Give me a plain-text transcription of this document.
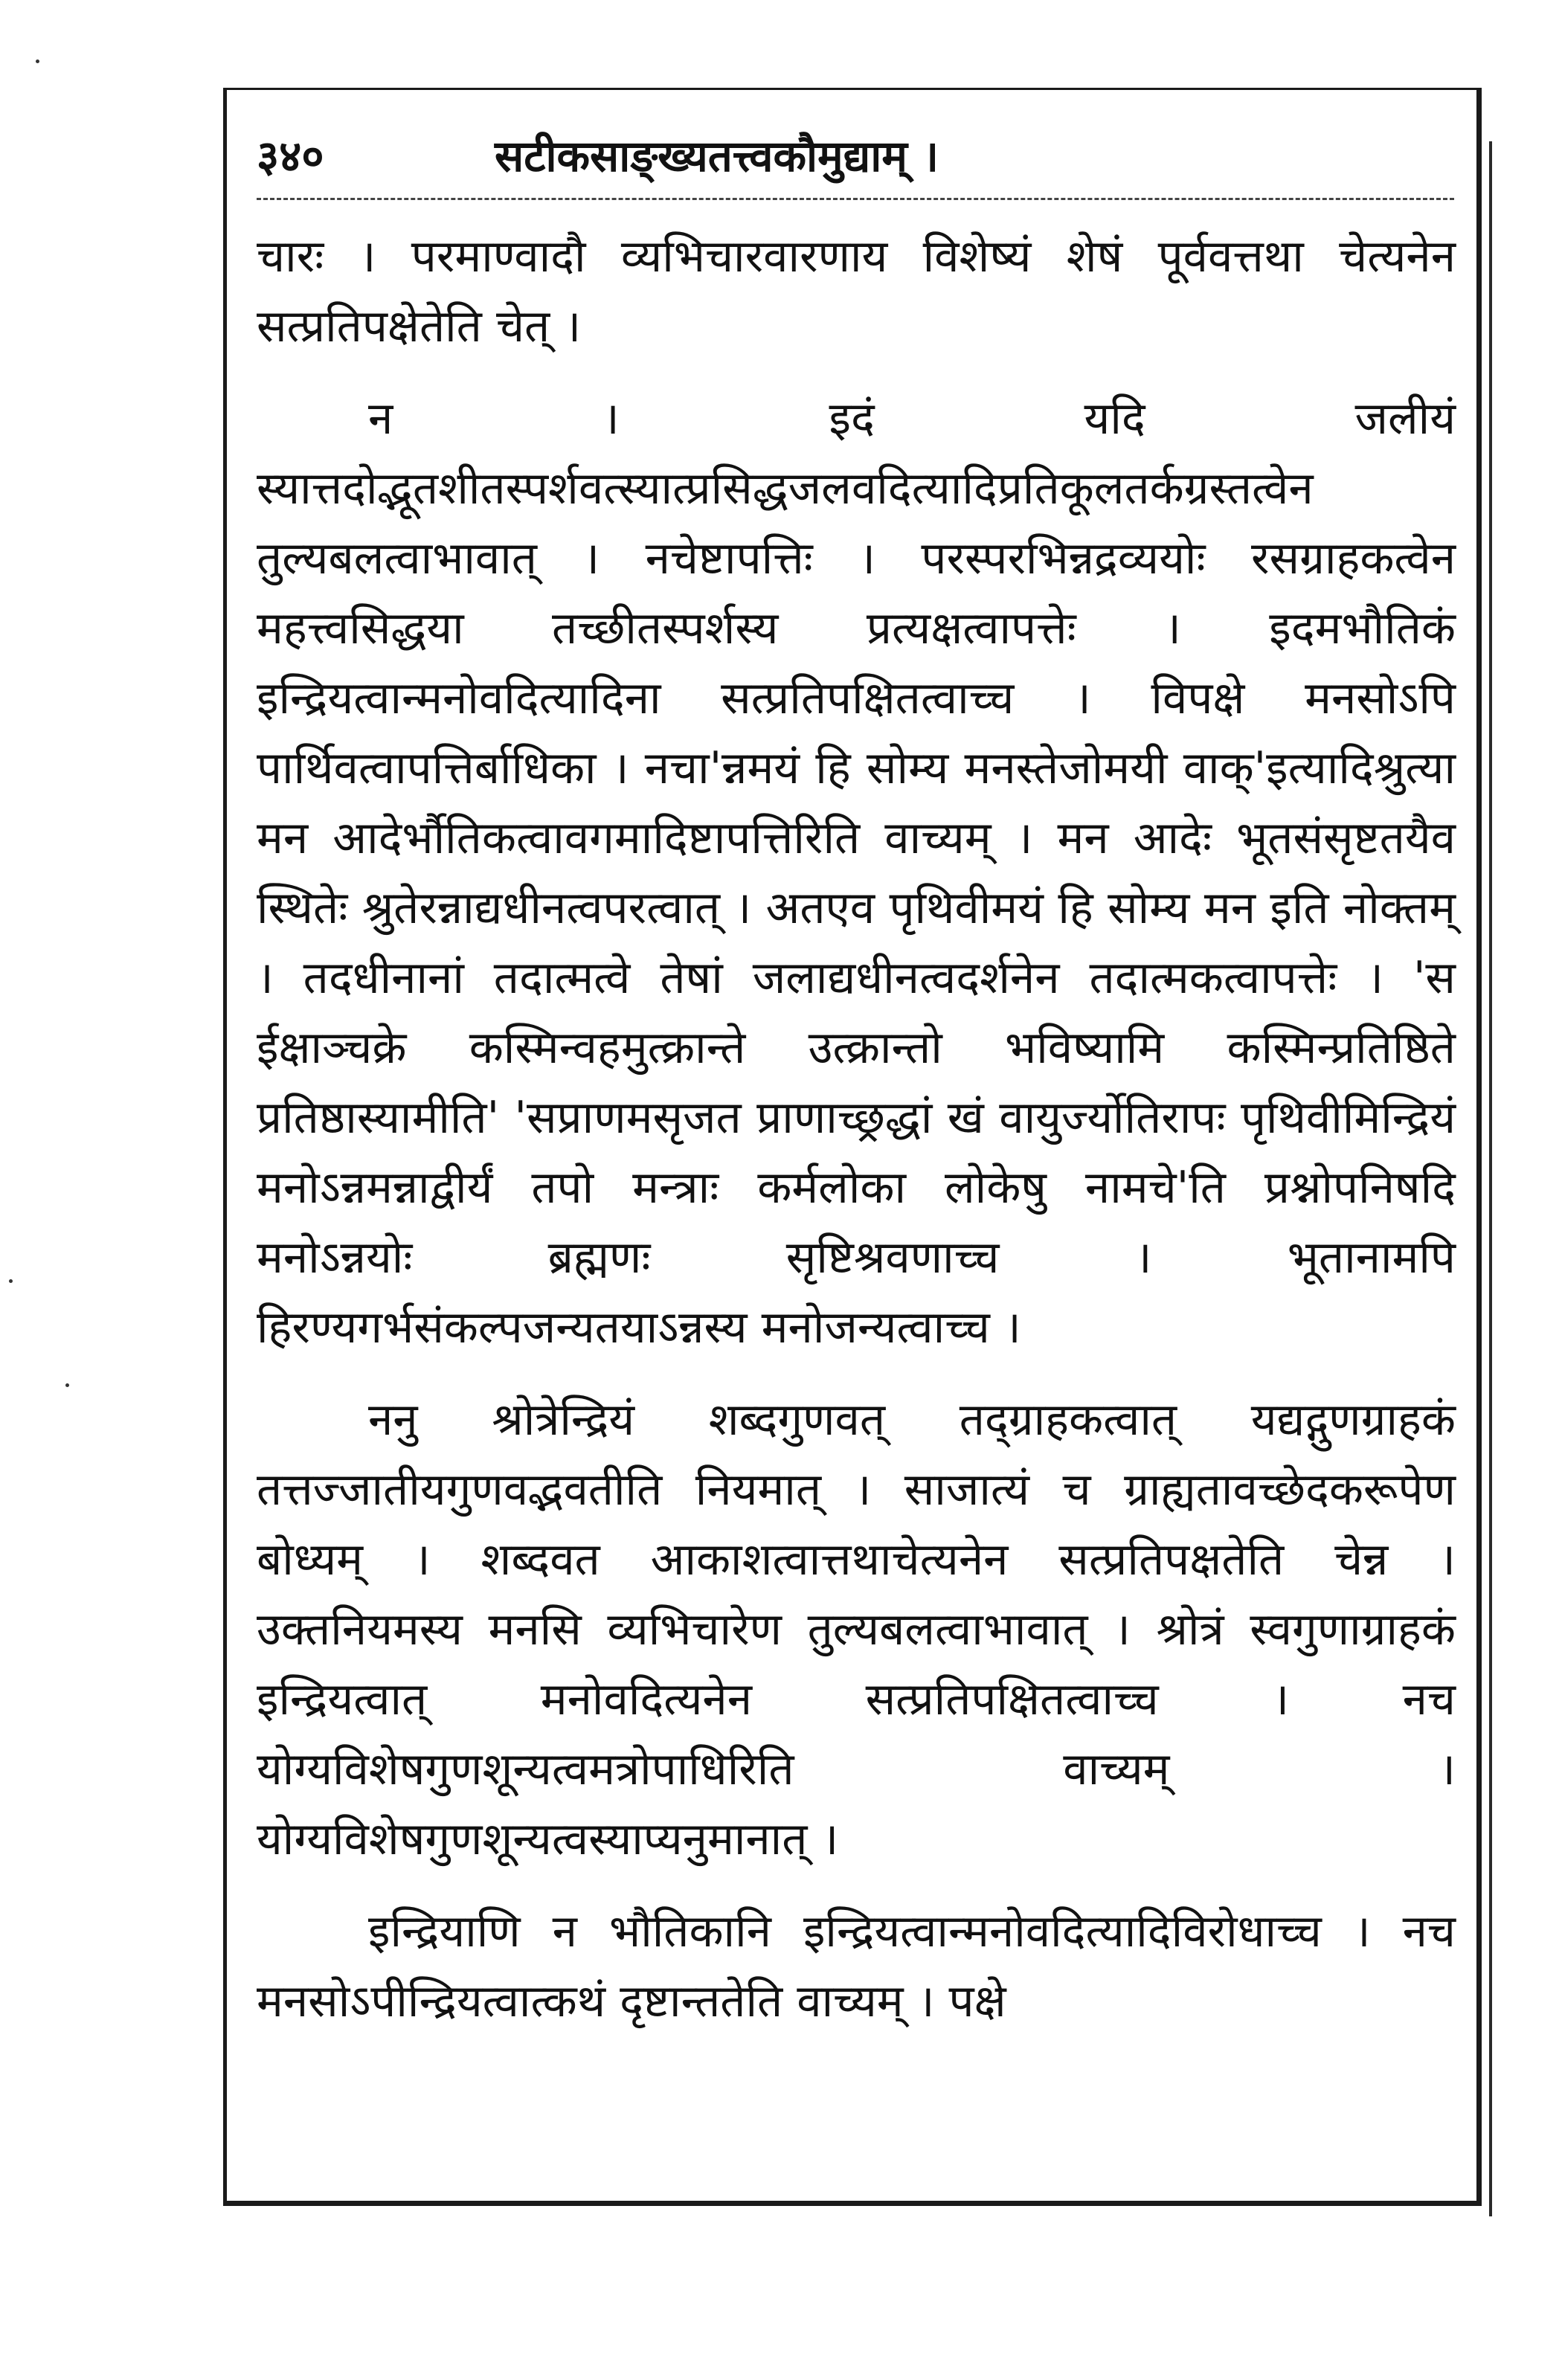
३४०	सटीकसाङ्ख्यतत्त्वकौमुद्याम् ।

चारः । परमाण्वादौ व्यभिचारवारणाय विशेष्यं शेषं पूर्ववत्तथा चेत्यनेन सत्प्रतिपक्षेतेति चेत् ।

न । इदं यदि जलीयं स्यात्तदोद्भूतशीतस्पर्शवत्स्यात्प्रसिद्धजलवदित्यादिप्रतिकूलतर्कग्रस्तत्वेन तुल्यबलत्वाभावात् । नचेष्टापत्तिः । परस्परभिन्नद्रव्ययोः रसग्राहकत्वेन महत्त्वसिद्धया तच्छीतस्पर्शस्य प्रत्यक्षत्वापत्तेः । इदमभौतिकं इन्द्रियत्वान्मनोवदित्यादिना सत्प्रतिपक्षितत्वाच्च । विपक्षे मनसोऽपि पार्थिवत्वापत्तिर्बाधिका । नचा'न्नमयं हि सोम्य मनस्तेजोमयी वाक्'इत्यादिश्रुत्या मन आदेर्भौतिकत्वावगमादिष्टापत्तिरिति वाच्यम् । मन आदेः भूतसंसृष्टतयैव स्थितेः श्रुतेरन्नाद्यधीनत्वपरत्वात् । अतएव पृथिवीमयं हि सोम्य मन इति नोक्तम् । तदधीनानां तदात्मत्वे तेषां जलाद्यधीनत्वदर्शनेन तदात्मकत्वापत्तेः । 'स ईक्षाञ्चक्रे कस्मिन्वहमुत्क्रान्ते उत्क्रान्तो भविष्यामि कस्मिन्प्रतिष्ठिते प्रतिष्ठास्यामीति' 'सप्राणमसृजत प्राणाच्छ्रद्धां खं वायुर्ज्योतिरापः पृथिवीमिन्द्रियं मनोऽन्नमन्नाद्वीर्यं तपो मन्त्राः कर्मलोका लोकेषु नामचे'ति प्रश्नोपनिषदि मनोऽन्नयोः ब्रह्मणः सृष्टिश्रवणाच्च । भूतानामपि हिरण्यगर्भसंकल्पजन्यतयाऽन्नस्य मनोजन्यत्वाच्च ।

ननु श्रोत्रेन्द्रियं शब्दगुणवत् तद्ग्राहकत्वात् यद्यद्गुणग्राहकं तत्तज्जातीयगुणवद्भवतीति नियमात् । साजात्यं च ग्राह्यतावच्छेदकरूपेण बोध्यम् । शब्दवत आकाशत्वात्तथाचेत्यनेन सत्प्रतिपक्षतेति चेन्न । उक्तनियमस्य मनसि व्यभिचारेण तुल्यबलत्वाभावात् । श्रोत्रं स्वगुणाग्राहकं इन्द्रियत्वात् मनोवदित्यनेन सत्प्रतिपक्षितत्वाच्च । नच योग्यविशेषगुणशून्यत्वमत्रोपाधिरिति वाच्यम् । योग्यविशेषगुणशून्यत्वस्याप्यनुमानात् ।

इन्द्रियाणि न भौतिकानि इन्द्रियत्वान्मनोवदित्यादिविरोधाच्च । नच मनसोऽपीन्द्रियत्वात्कथं दृष्टान्ततेति वाच्यम् । पक्षे
